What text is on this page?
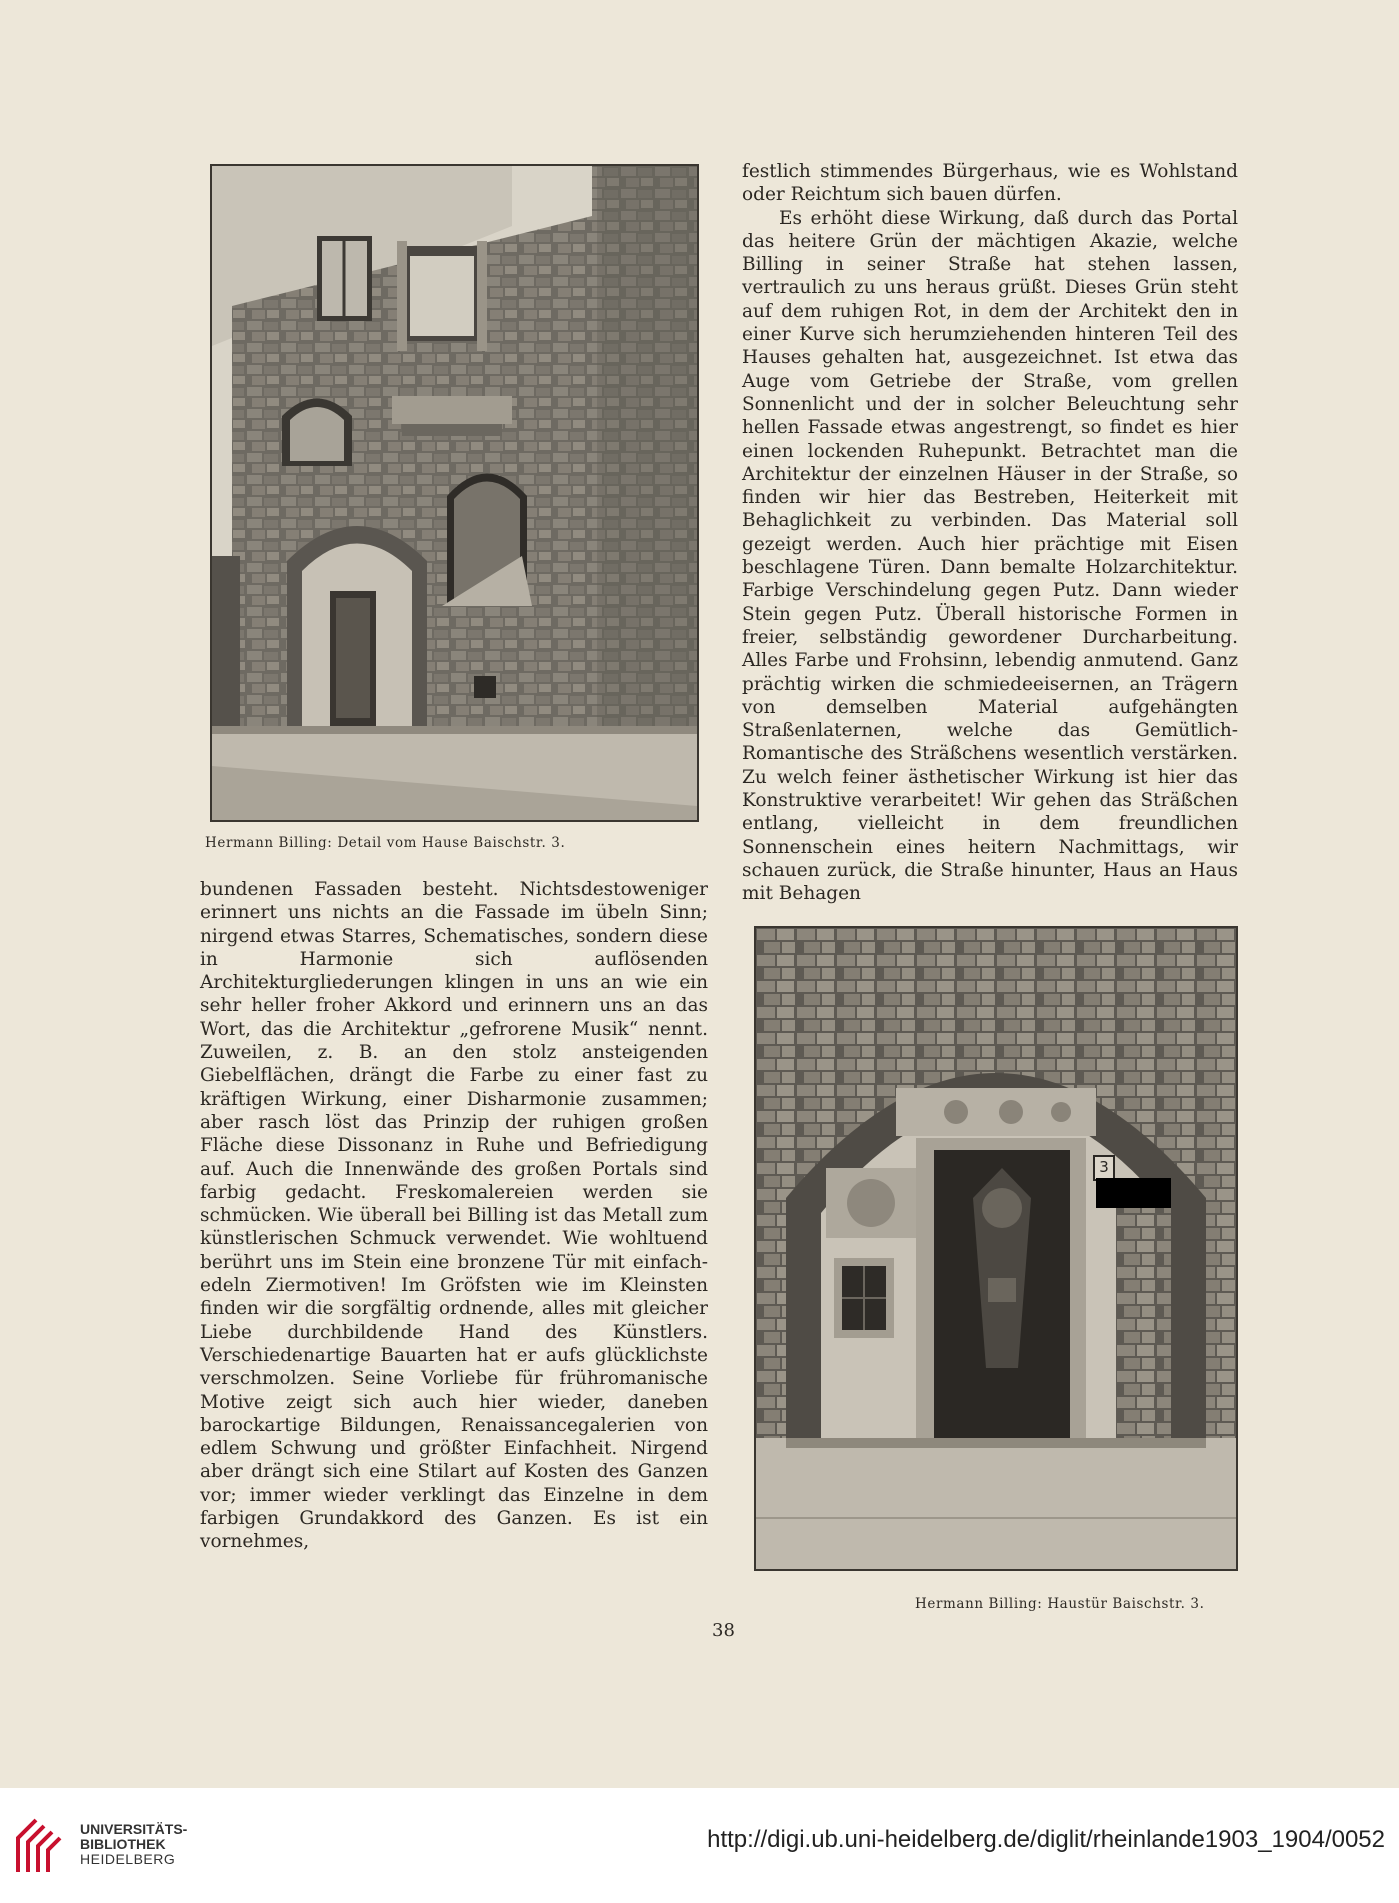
Hermann Billing: Detail vom Hause Baischstr. 3.

bundenen Fassaden besteht. Nichtsdestoweniger erinnert uns nichts an die Fassade im übeln Sinn; nirgend etwas Starres, Schematisches, sondern diese in Harmonie sich auflösenden Architekturgliederungen klingen in uns an wie ein sehr heller froher Akkord und erinnern uns an das Wort, das die Architektur „gefrorene Musik“ nennt. Zuweilen, z. B. an den stolz ansteigenden Giebelflächen, drängt die Farbe zu einer fast zu kräftigen Wirkung, einer Disharmonie zusammen; aber rasch löst das Prinzip der ruhigen großen Fläche diese Dissonanz in Ruhe und Befriedigung auf. Auch die Innenwände des großen Portals sind farbig gedacht. Freskomalereien werden sie schmücken. Wie überall bei Billing ist das Metall zum künstlerischen Schmuck verwendet. Wie wohltuend berührt uns im Stein eine bronzene Tür mit einfach-edeln Ziermotiven! Im Gröfsten wie im Kleinsten finden wir die sorgfältig ordnende, alles mit gleicher Liebe durchbildende Hand des Künstlers. Verschiedenartige Bauarten hat er aufs glücklichste verschmolzen. Seine Vorliebe für frühromanische Motive zeigt sich auch hier wieder, daneben barockartige Bildungen, Renaissancegalerien von edlem Schwung und größter Einfachheit. Nirgend aber drängt sich eine Stilart auf Kosten des Ganzen vor; immer wieder verklingt das Einzelne in dem farbigen Grundakkord des Ganzen. Es ist ein vornehmes,

festlich stimmendes Bürgerhaus, wie es Wohlstand oder Reichtum sich bauen dürfen.

Es erhöht diese Wirkung, daß durch das Portal das heitere Grün der mächtigen Akazie, welche Billing in seiner Straße hat stehen lassen, vertraulich zu uns heraus grüßt. Dieses Grün steht auf dem ruhigen Rot, in dem der Architekt den in einer Kurve sich herumziehenden hinteren Teil des Hauses gehalten hat, ausgezeichnet. Ist etwa das Auge vom Getriebe der Straße, vom grellen Sonnenlicht und der in solcher Beleuchtung sehr hellen Fassade etwas angestrengt, so findet es hier einen lockenden Ruhepunkt. Betrachtet man die Architektur der einzelnen Häuser in der Straße, so finden wir hier das Bestreben, Heiterkeit mit Behaglichkeit zu verbinden. Das Material soll gezeigt werden. Auch hier prächtige mit Eisen beschlagene Türen. Dann bemalte Holzarchitektur. Farbige Verschindelung gegen Putz. Dann wieder Stein gegen Putz. Überall historische Formen in freier, selbständig gewordener Durcharbeitung. Alles Farbe und Frohsinn, lebendig anmutend. Ganz prächtig wirken die schmiedeeisernen, an Trägern von demselben Material aufgehängten Straßenlaternen, welche das Gemütlich-Romantische des Sträßchens wesentlich verstärken. Zu welch feiner ästhetischer Wirkung ist hier das Konstruktive verarbeitet! Wir gehen das Sträßchen entlang, vielleicht in dem freundlichen Sonnenschein eines heitern Nachmittags, wir schauen zurück, die Straße hinunter, Haus an Haus mit Behagen

3
Hermann Billing: Haustür Baischstr. 3.
38
UNIVERSITÄTS-
BIBLIOTHEK
HEIDELBERG
http://digi.ub.uni-heidelberg.de/diglit/rheinlande1903_1904/0052
